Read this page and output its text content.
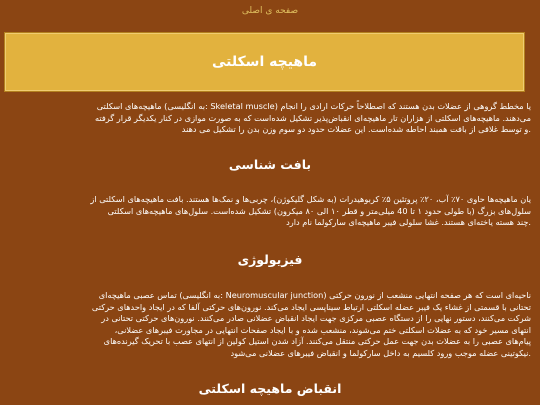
صفحه ی اصلی
ماهیچه اسکلتی

یا مخطط گروهی از عضلات بدن هستند که اصطلاحاً حرکات ارادی را انجام (Skeletal muscle :به انگلیسی) ماهیچه‌های اسکلتی

می‌دهند. ماهیچه‌های اسکلتی از هزاران تار ماهیچه‌ای انقباض‌پذیر تشکیل شده‌است که به صورت موازی در کنار یکدیگر قرار گرفته

.و توسط غلافی از بافت همبند احاطه شده‌است. این عضلات حدود دو سوم وزن بدن را تشکیل می دهند

بافت شناسی

یان ماهیچه‌ها حاوی ۷۰٪ آب، ۲۰٪ پروتئین ۵٪ کربوهیدرات (به شکل گلیکوژن)، چربی‌ها و نمک‌ها هستند. بافت ماهیچه‌های اسکلتی از

سلول‌های بزرگ (با طولی حدود ۱ تا 40 میلی‌متر و قطر ۱۰ الی ۸۰ میکرون) تشکیل شده‌است. سلول‌های ماهیچه‌های اسکلتی

.چند هسته یاخته‌ای هستند. غشا سلولی فیبر ماهیچه‌ای سارکولما نام دارد

فیزیولوژی

ناحیه‌ای است که هر صفحه انتهایی منشعب از نورون حرکتی (Neuromuscular junction :به انگلیسی) تماس عصبی ماهیچه‌ای

تحتانی با قسمتی از غشاء یک فیبر عضله اسکلتی ارتباط سیناپسی ایجاد می‌کند. نورون‌های حرکتی آلفا که در ایجاد واحدهای حرکتی

شرکت می‌کنند، دستور نهایی را از دستگاه عصبی مرکزی جهت ایجاد انقباض عضلانی صادر می‌کنند. نورون‌های حرکتی تحتانی در

انتهای مسیر خود که به عضلات اسکلتی ختم می‌شوند، منشعب شده و با ایجاد صفحات انتهایی در مجاورت فیبرهای عضلانی،

پیام‌های عصبی را به عضلات بدن جهت عمل حرکتی منتقل می‌کنند. آزاد شدن استیل کولین از انتهای عصب با تحریک گیرنده‌های

.نیکوتینی عضله موجب ورود کلسیم به داخل سارکولما و انقباض فیبرهای عضلانی می‌شود

انقباض ماهیچه اسکلتی
